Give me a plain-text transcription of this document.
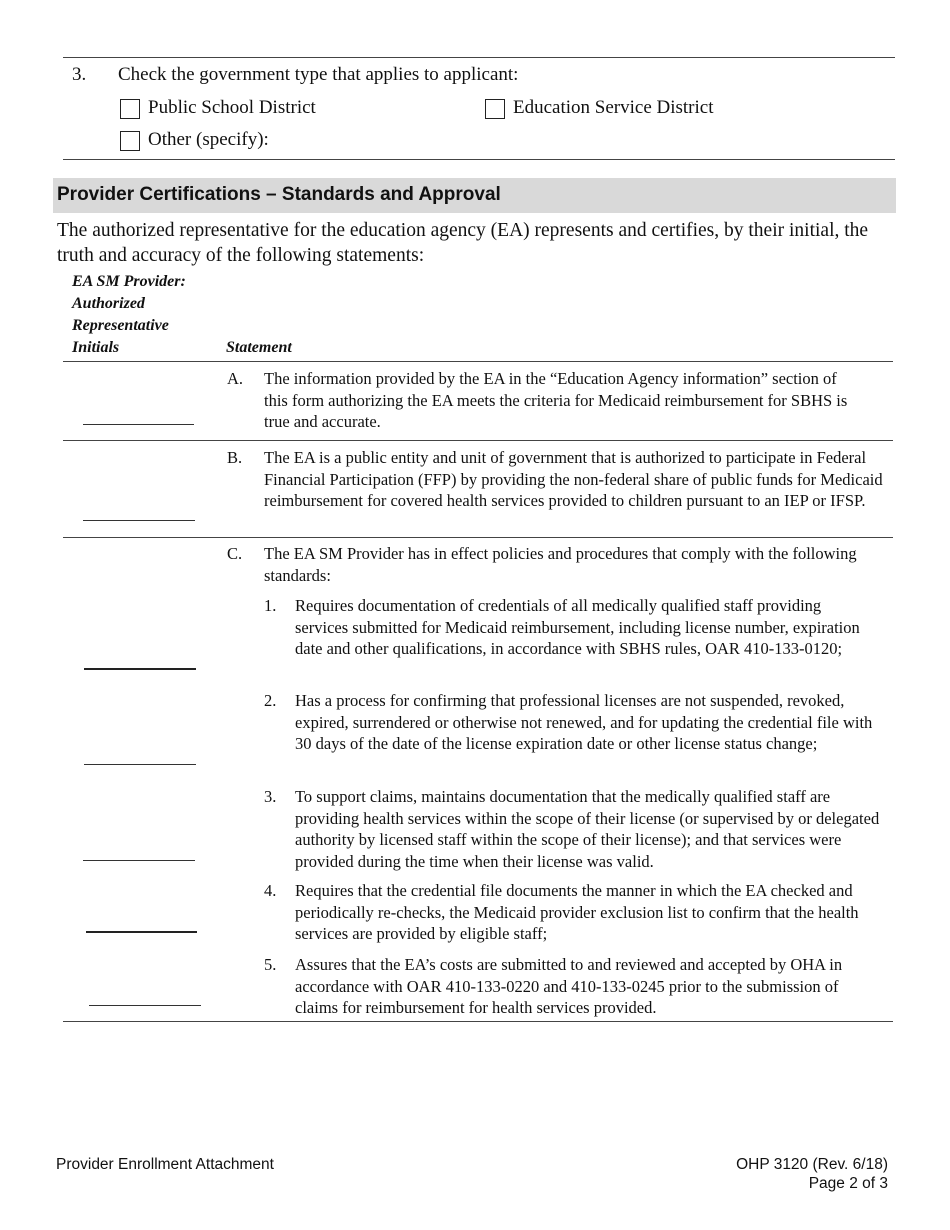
3. Check the government type that applies to applicant:
Public School District	Education Service District
Other (specify):
Provider Certifications – Standards and Approval
The authorized representative for the education agency (EA) represents and certifies, by their initial, the truth and accuracy of the following statements:
EA SM Provider:
Authorized
Representative
Initials	Statement
A. The information provided by the EA in the “Education Agency information” section of this form authorizing the EA meets the criteria for Medicaid reimbursement for SBHS is true and accurate.
B. The EA is a public entity and unit of government that is authorized to participate in Federal Financial Participation (FFP) by providing the non-federal share of public funds for Medicaid reimbursement for covered health services provided to children pursuant to an IEP or IFSP.
C. The EA SM Provider has in effect policies and procedures that comply with the following standards:
1. Requires documentation of credentials of all medically qualified staff providing services submitted for Medicaid reimbursement, including license number, expiration date and other qualifications, in accordance with SBHS rules, OAR 410-133-0120;
2. Has a process for confirming that professional licenses are not suspended, revoked, expired, surrendered or otherwise not renewed, and for updating the credential file with 30 days of the date of the license expiration date or other license status change;
3. To support claims, maintains documentation that the medically qualified staff are providing health services within the scope of their license (or supervised by or delegated authority by licensed staff within the scope of their license); and that services were provided during the time when their license was valid.
4. Requires that the credential file documents the manner in which the EA checked and periodically re-checks, the Medicaid provider exclusion list to confirm that the health services are provided by eligible staff;
5. Assures that the EA’s costs are submitted to and reviewed and accepted by OHA in accordance with OAR 410-133-0220 and 410-133-0245 prior to the submission of claims for reimbursement for health services provided.
Provider Enrollment Attachment	OHP 3120 (Rev. 6/18)
Page 2 of 3
